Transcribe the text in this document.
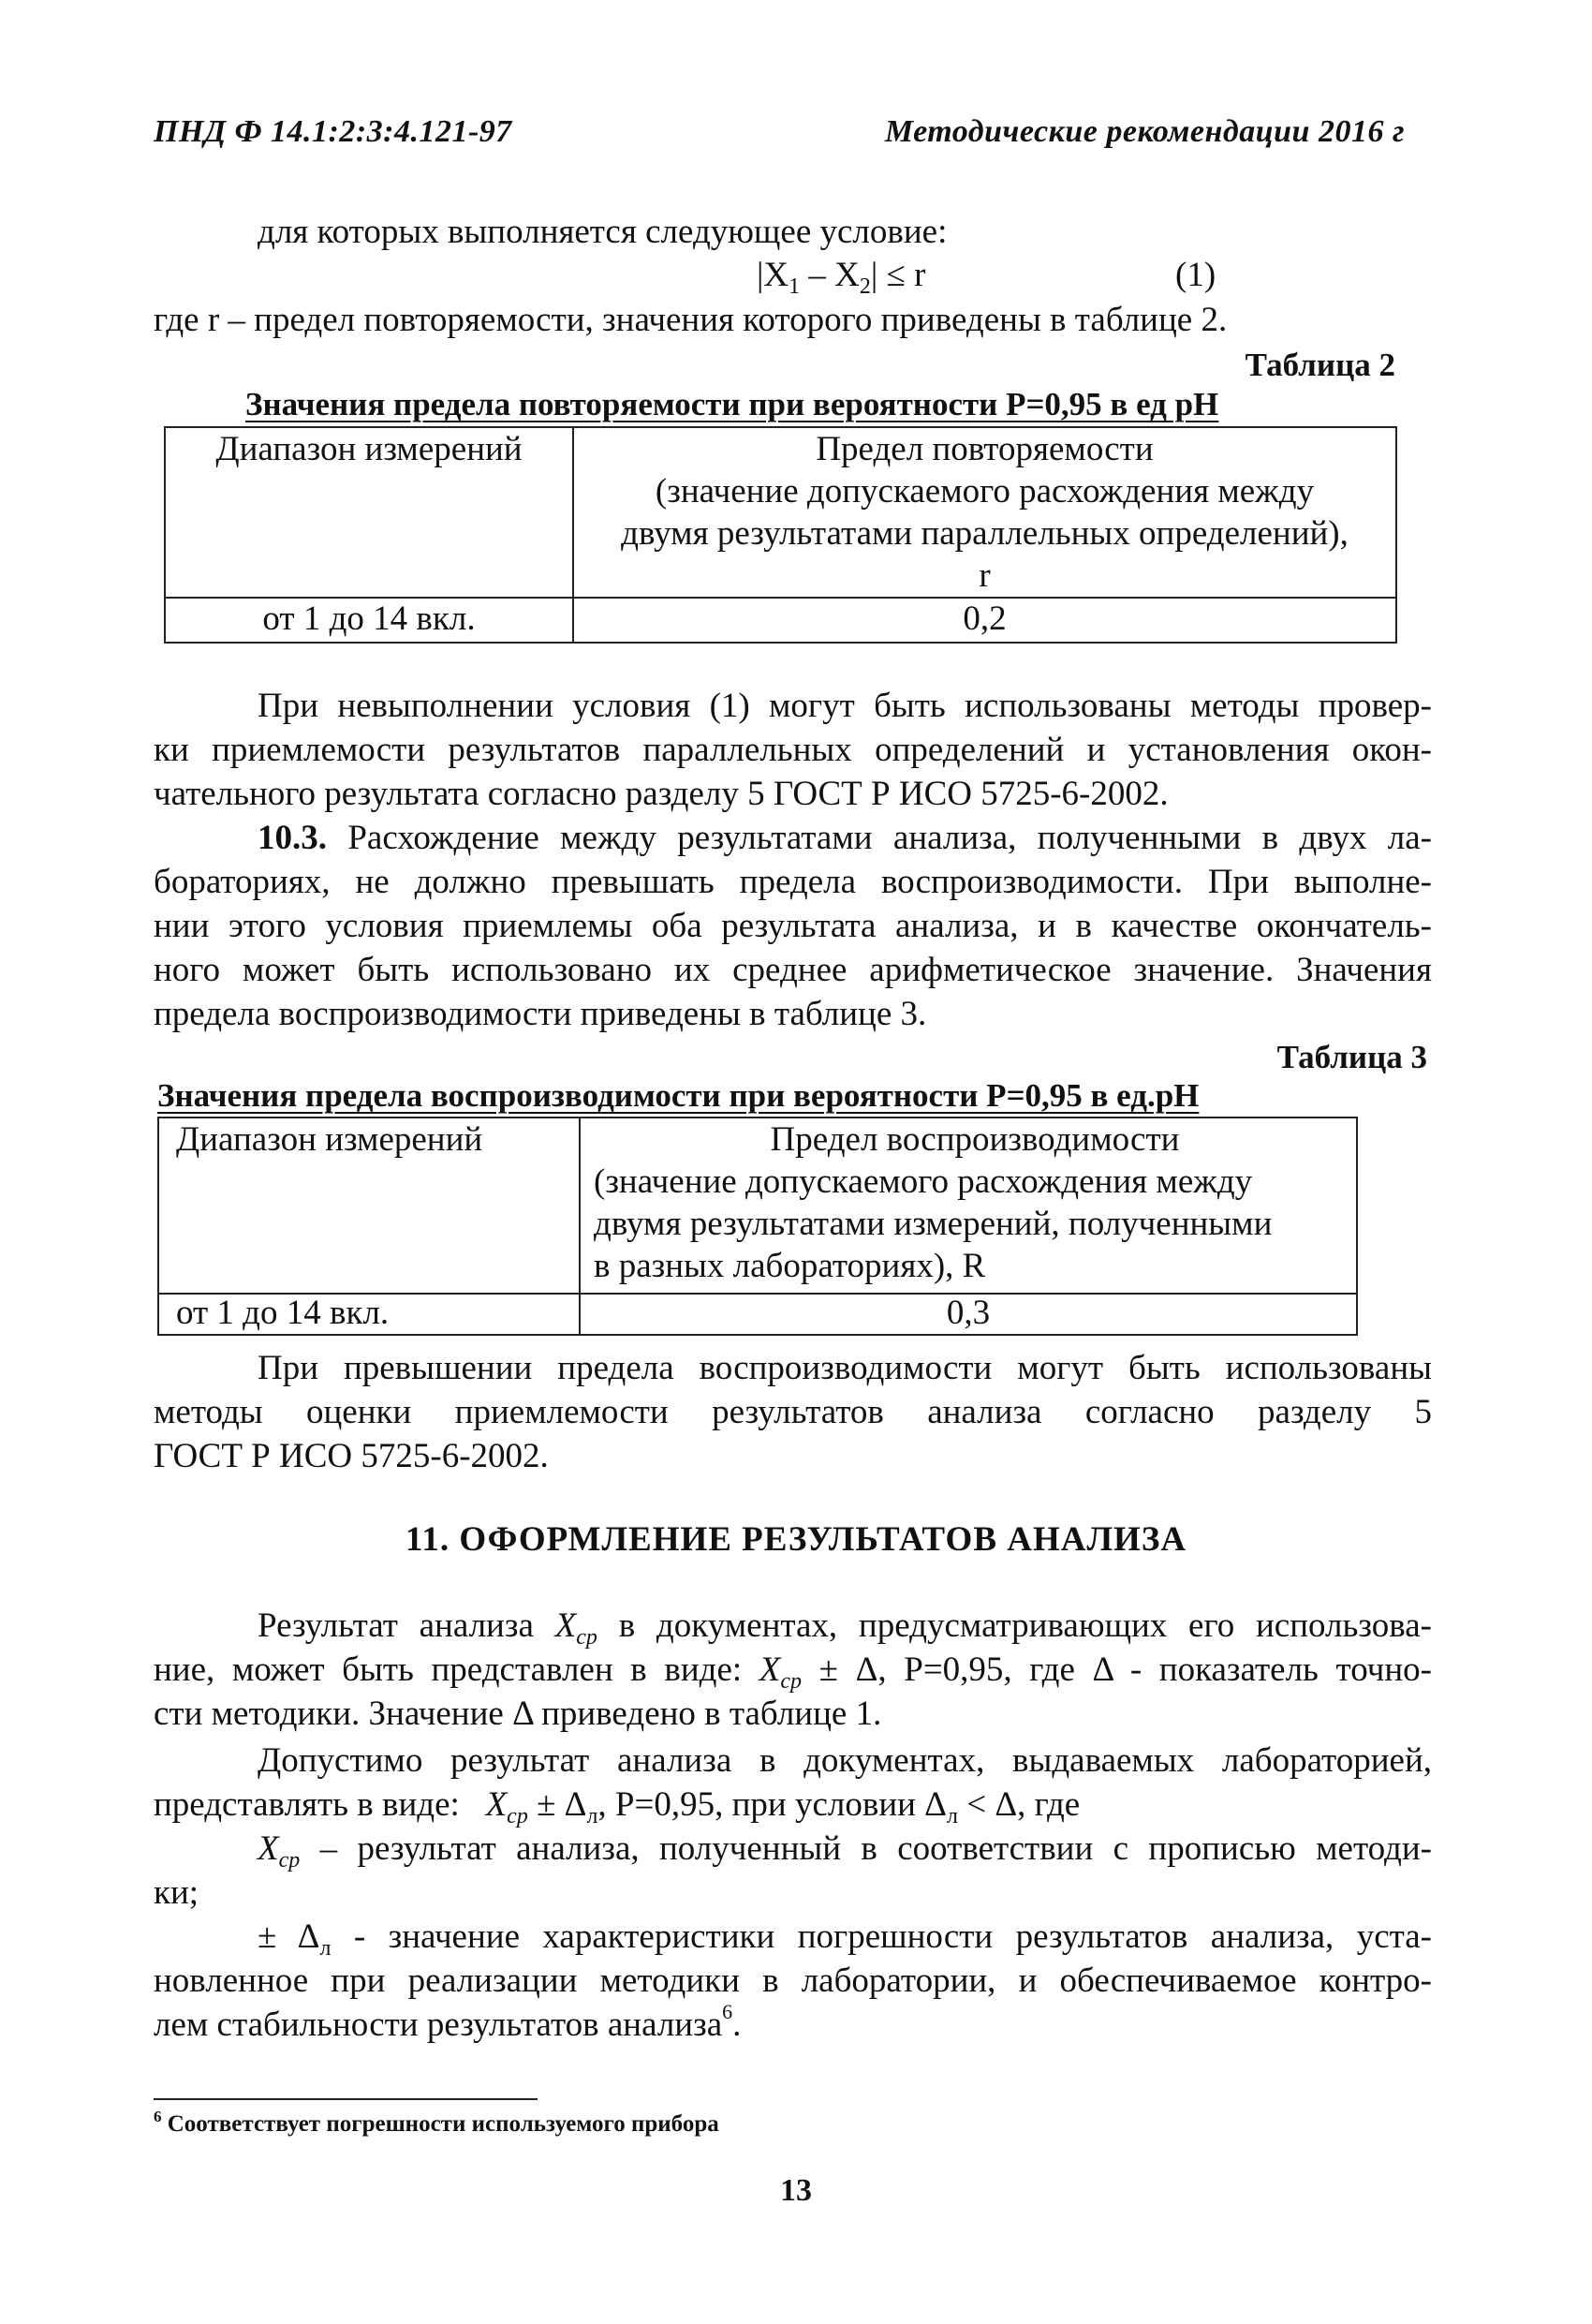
ПНД Ф 14.1:2:3:4.121-97	Методические рекомендации 2016 г
для которых выполняется следующее условие:
$|X_1 - X_2| \le r$	(1)
где r – предел повторяемости, значения которого приведены в таблице 2.
Таблица 2
Значения предела повторяемости при вероятности P=0,95 в ед pH
Диапазон измерений	Предел повторяемости
(значение допускаемого расхождения между
двумя результатами параллельных определений),
r

от 1 до 14 вкл.	0,2
При невыполнении условия (1) могут быть использованы методы провер-
ки приемлемости результатов параллельных определений и установления окон-
чательного результата согласно разделу 5 ГОСТ Р ИСО 5725-6-2002.
10.3. Расхождение между результатами анализа, полученными в двух ла-
бораториях, не должно превышать предела воспроизводимости. При выполне-
нии этого условия приемлемы оба результата анализа, и в качестве окончатель-
ного может быть использовано их среднее арифметическое значение. Значения
предела воспроизводимости приведены в таблице 3.
Таблица 3
Значения предела воспроизводимости при вероятности P=0,95 в ед.pH
Диапазон измерений	Предел воспроизводимости
(значение допускаемого расхождения между
двумя результатами измерений, полученными
в разных лабораториях), R

от 1 до 14 вкл.	0,3
При превышении предела воспроизводимости могут быть использованы
методы оценки приемлемости результатов анализа согласно разделу 5
ГОСТ Р ИСО 5725-6-2002.
11. ОФОРМЛЕНИЕ РЕЗУЛЬТАТОВ АНАЛИЗА
Результат анализа $X_{ср}$ в документах, предусматривающих его использова-
ние, может быть представлен в виде: $X_{ср} \pm \Delta$, P=0,95, где Δ - показатель точно-
сти методики. Значение Δ приведено в таблице 1.
Допустимо результат анализа в документах, выдаваемых лабораторией,
представлять в виде: $X_{ср} \pm \Delta_л$, P=0,95, при условии $\Delta_л < \Delta$, где
$X_{ср}$ – результат анализа, полученный в соответствии с прописью методи-
ки;
± $\Delta_л$ - значение характеристики погрешности результатов анализа, уста-
новленное при реализации методики в лаборатории, и обеспечиваемое контро-
лем стабильности результатов анализа$^6$.
$^6$ Соответствует погрешности используемого прибора
13
